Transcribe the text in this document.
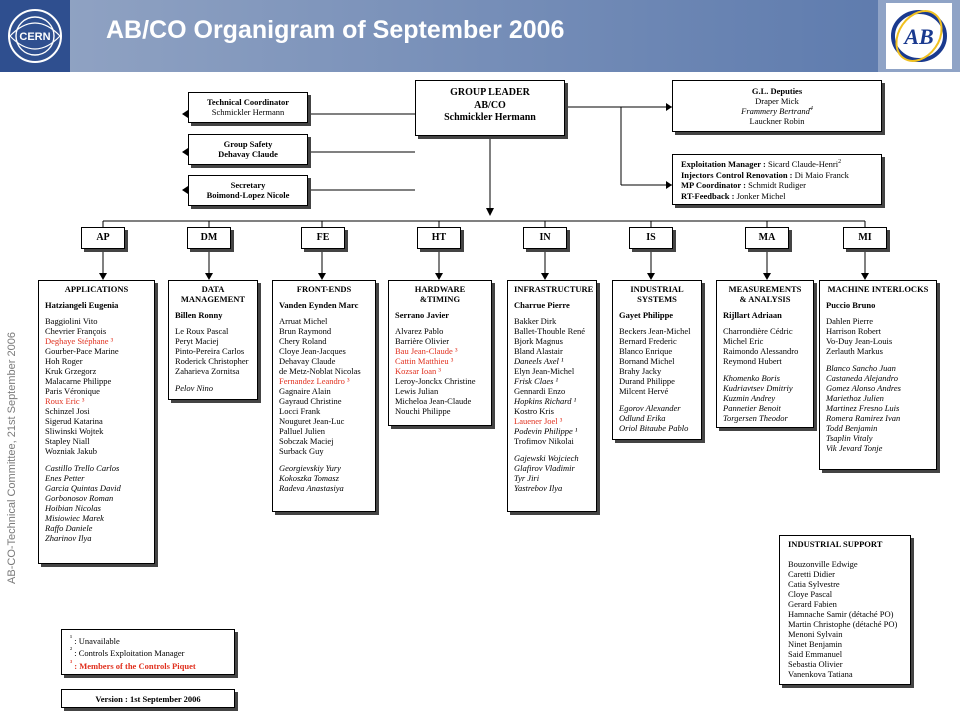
CERN AB/CO Organigram of September 2006	AB
AB-CO-Technical Committee, 21st September 2006
GROUP LEADER
AB/CO
Schmickler Hermann
Technical Coordinator
Schmickler Hermann
Group Safety
Dehavay Claude
Secretary
Boimond-Lopez Nicole
G.L. Deputies
Draper Mick
Frammery Bertrand$^4$
Lauckner Robin
Exploitation Manager : Sicard Claude-Henri$^2$
Injectors Control Renovation : Di Maio Franck
MP Coordinator : Schmidt Rudiger
RT-Feedback : Jonker Michel
AP	DM	FE	HT	IN	IS	MA	MI
APPLICATIONS
Hatziangeli Eugenia
Baggiolini Vito
Chevrier François
Deghaye Stéphane ³
Gourber-Pace Marine
Hoh Roger
Kruk Grzegorz
Malacarne Philippe
Paris Véronique
Roux Eric ³
Schinzel Josi
Sigerud Katarina
Sliwinski Wojtek
Stapley Niall
Wozniak Jakub
Castillo Trello Carlos
Enes Petter
Garcia Quintas David
Gorbonosov Roman
Hoibian Nicolas
Misiowiec Marek
Raffo Daniele
Zharinov Ilya
DATA
MANAGEMENT
Billen Ronny
Le Roux Pascal
Peryt Maciej
Pinto-Pereira Carlos
Roderick Christopher
Zaharieva Zornitsa
Pelov Nino
FRONT-ENDS
Vanden Eynden Marc
Arruat Michel
Brun Raymond
Chery Roland
Cloye Jean-Jacques
Dehavay Claude
de Metz-Noblat Nicolas
Fernandez Leandro ³
Gagnaire Alain
Gayraud Christine
Locci Frank
Nouguret Jean-Luc
Palluel Julien
Sobczak Maciej
Surback Guy
Georgievskiy Yury
Kokoszka Tomasz
Radeva Anastasiya
HARDWARE
&TIMING
Serrano Javier
Alvarez Pablo
Barrière Olivier
Bau Jean-Claude ³
Cattin Matthieu ³
Kozsar Ioan ³
Leroy-Jonckx Christine
Lewis Julian
Micheloa Jean-Claude
Nouchi Philippe
INFRASTRUCTURE
Charrue Pierre
Bakker Dirk
Ballet-Thouble René
Bjork Magnus
Bland Alastair
Daneels Axel ¹
Elyn Jean-Michel
Frisk Claes ¹
Gennardi Enzo
Hopkins Richard ¹
Kostro Kris
Lauener Joel ³
Podevin Philippe ¹
Trofimov Nikolai
Gajewski Wojciech
Glafirov Vladimir
Tyr Jiri
Yastrebov Ilya
INDUSTRIAL
SYSTEMS
Gayet Philippe
Beckers Jean-Michel
Bernard Frederic
Blanco Enrique
Bornand Michel
Brahy Jacky
Durand Philippe
Milcent Hervé
Egorov Alexander
Odlund Erika
Oriol Bitaube Pablo
MEASUREMENTS
& ANALYSIS
Rijllart Adriaan
Charrondière Cédric
Michel Eric
Raimondo Alessandro
Reymond Hubert
Khomenko Boris
Kudriavtsev Dmitriy
Kuzmin Andrey
Pannetier Benoit
Torgersen Theodor
MACHINE INTERLOCKS
Puccio Bruno
Dahlen Pierre
Harrison Robert
Vo-Duy Jean-Louis
Zerlauth Markus
Blanco Sancho Juan
Castaneda Alejandro
Gomez Alonso Andres
Mariethoz Julien
Martinez Fresno Luis
Romera Ramirez Ivan
Todd Benjamin
Tsaplin Vitaly
Vik Jevard Tonje
INDUSTRIAL SUPPORT
Bouzonville Edwige
Caretti Didier
Catia Sylvestre
Cloye Pascal
Gerard Fabien
Hamnache Samir (détaché PO)
Martin Christophe (détaché PO)
Menoni Sylvain
Ninet Benjamin
Said Emmanuel
Sebastia Olivier
Vanenkova Tatiana
$^{^1}$ : Unavailable
$^{^2}$ : Controls Exploitation Manager
$^{^3}$ : Members of the Controls Piquet
Version : 1st September 2006
